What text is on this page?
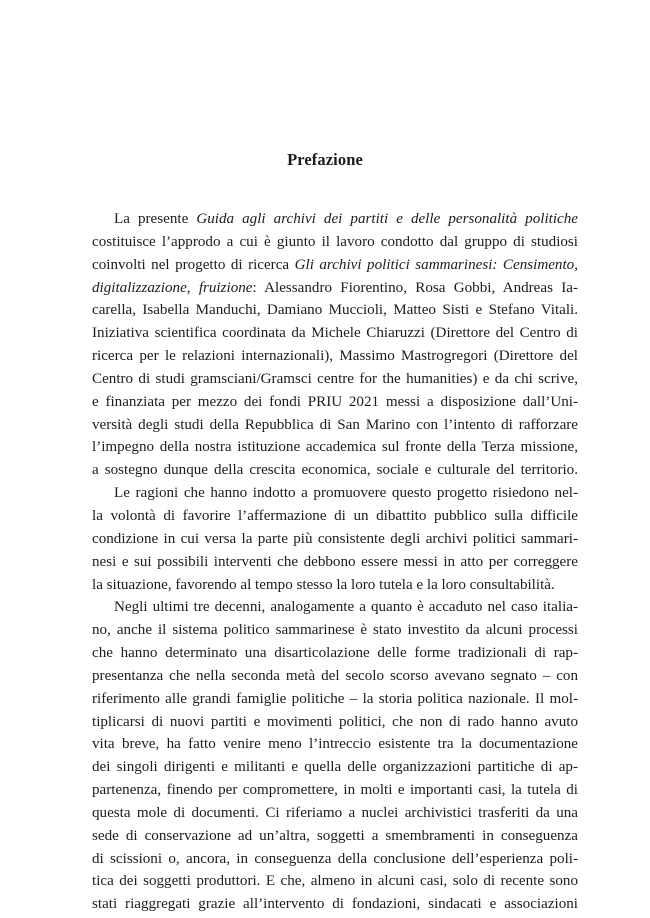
Prefazione
La presente Guida agli archivi dei partiti e delle personalità politiche
costituisce l’approdo a cui è giunto il lavoro condotto dal gruppo di studiosi
coinvolti nel progetto di ricerca Gli archivi politici sammarinesi: Censimento,
digitalizzazione, fruizione: Alessandro Fiorentino, Rosa Gobbi, Andreas Ia-
carella, Isabella Manduchi, Damiano Muccioli, Matteo Sisti e Stefano Vitali.
Iniziativa scientifica coordinata da Michele Chiaruzzi (Direttore del Centro di
ricerca per le relazioni internazionali), Massimo Mastrogregori (Direttore del
Centro di studi gramsciani/Gramsci centre for the humanities) e da chi scrive,
e finanziata per mezzo dei fondi PRIU 2021 messi a disposizione dall’Uni-
versità degli studi della Repubblica di San Marino con l’intento di rafforzare
l’impegno della nostra istituzione accademica sul fronte della Terza missione,
a sostegno dunque della crescita economica, sociale e culturale del territorio.
Le ragioni che hanno indotto a promuovere questo progetto risiedono nel-
la volontà di favorire l’affermazione di un dibattito pubblico sulla difficile
condizione in cui versa la parte più consistente degli archivi politici sammari-
nesi e sui possibili interventi che debbono essere messi in atto per correggere
la situazione, favorendo al tempo stesso la loro tutela e la loro consultabilità.
Negli ultimi tre decenni, analogamente a quanto è accaduto nel caso italia-
no, anche il sistema politico sammarinese è stato investito da alcuni processi
che hanno determinato una disarticolazione delle forme tradizionali di rap-
presentanza che nella seconda metà del secolo scorso avevano segnato – con
riferimento alle grandi famiglie politiche – la storia politica nazionale. Il mol-
tiplicarsi di nuovi partiti e movimenti politici, che non di rado hanno avuto
vita breve, ha fatto venire meno l’intreccio esistente tra la documentazione
dei singoli dirigenti e militanti e quella delle organizzazioni partitiche di ap-
partenenza, finendo per compromettere, in molti e importanti casi, la tutela di
questa mole di documenti. Ci riferiamo a nuclei archivistici trasferiti da una
sede di conservazione ad un’altra, soggetti a smembramenti in conseguenza
di scissioni o, ancora, in conseguenza della conclusione dell’esperienza poli-
tica dei soggetti produttori. E che, almeno in alcuni casi, solo di recente sono
stati riaggregati grazie all’intervento di fondazioni, sindacati e associazioni
